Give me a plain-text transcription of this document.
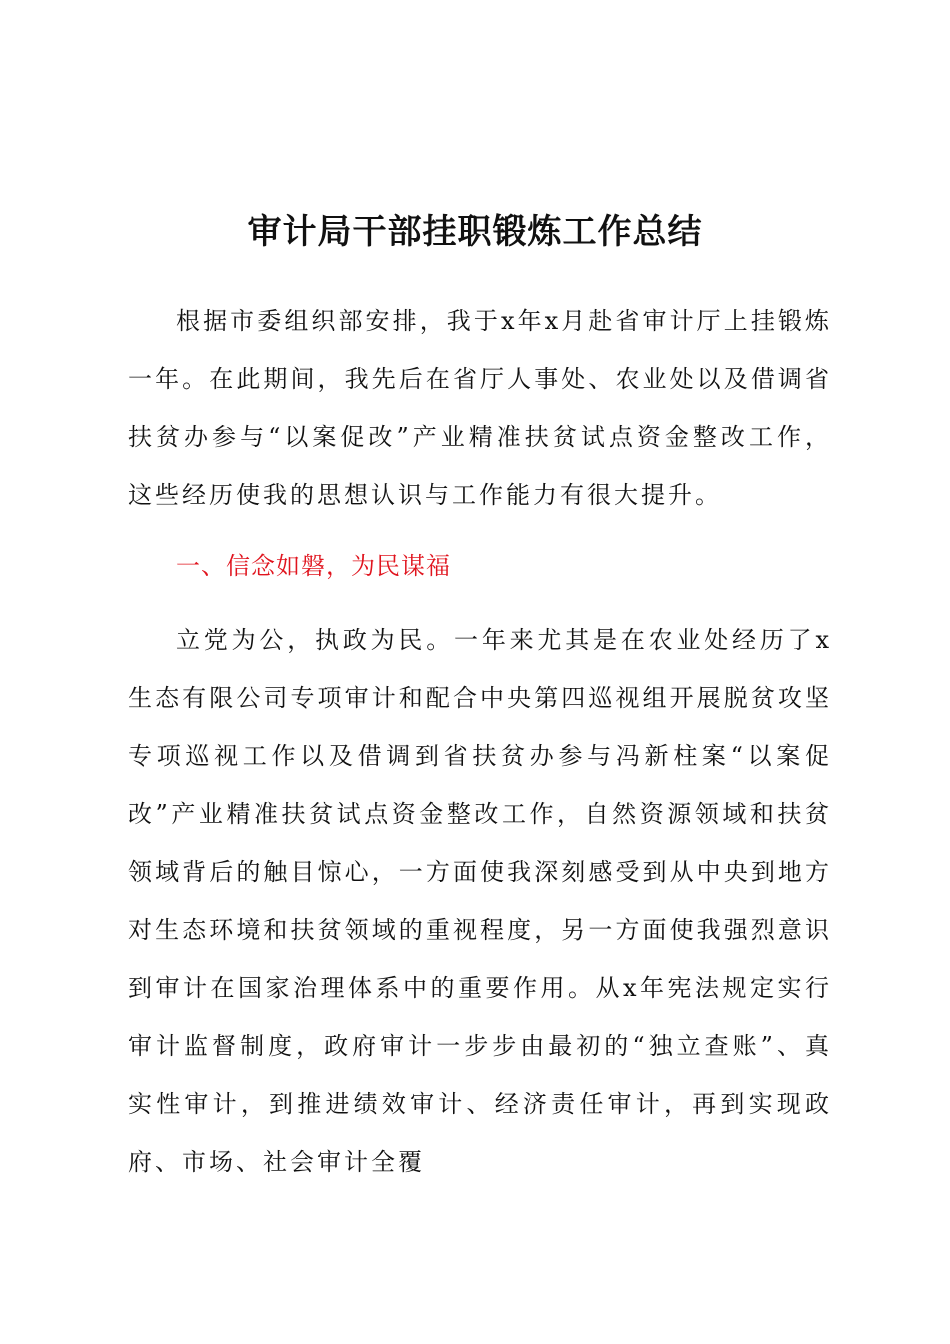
审计局干部挂职锻炼工作总结

根据市委组织部安排，我于x年x月赴省审计厅上挂锻炼一年。在此期间，我先后在省厅人事处、农业处以及借调省扶贫办参与“以案促改”产业精准扶贫试点资金整改工作，这些经历使我的思想认识与工作能力有很大提升。

一、信念如磐，为民谋福

立党为公，执政为民。一年来尤其是在农业处经历了x生态有限公司专项审计和配合中央第四巡视组开展脱贫攻坚专项巡视工作以及借调到省扶贫办参与冯新柱案“以案促改”产业精准扶贫试点资金整改工作，自然资源领域和扶贫领域背后的触目惊心，一方面使我深刻感受到从中央到地方对生态环境和扶贫领域的重视程度，另一方面使我强烈意识到审计在国家治理体系中的重要作用。从x年宪法规定实行审计监督制度，政府审计一步步由最初的“独立查账”、真实性审计，到推进绩效审计、经济责任审计，再到实现政府、市场、社会审计全覆
